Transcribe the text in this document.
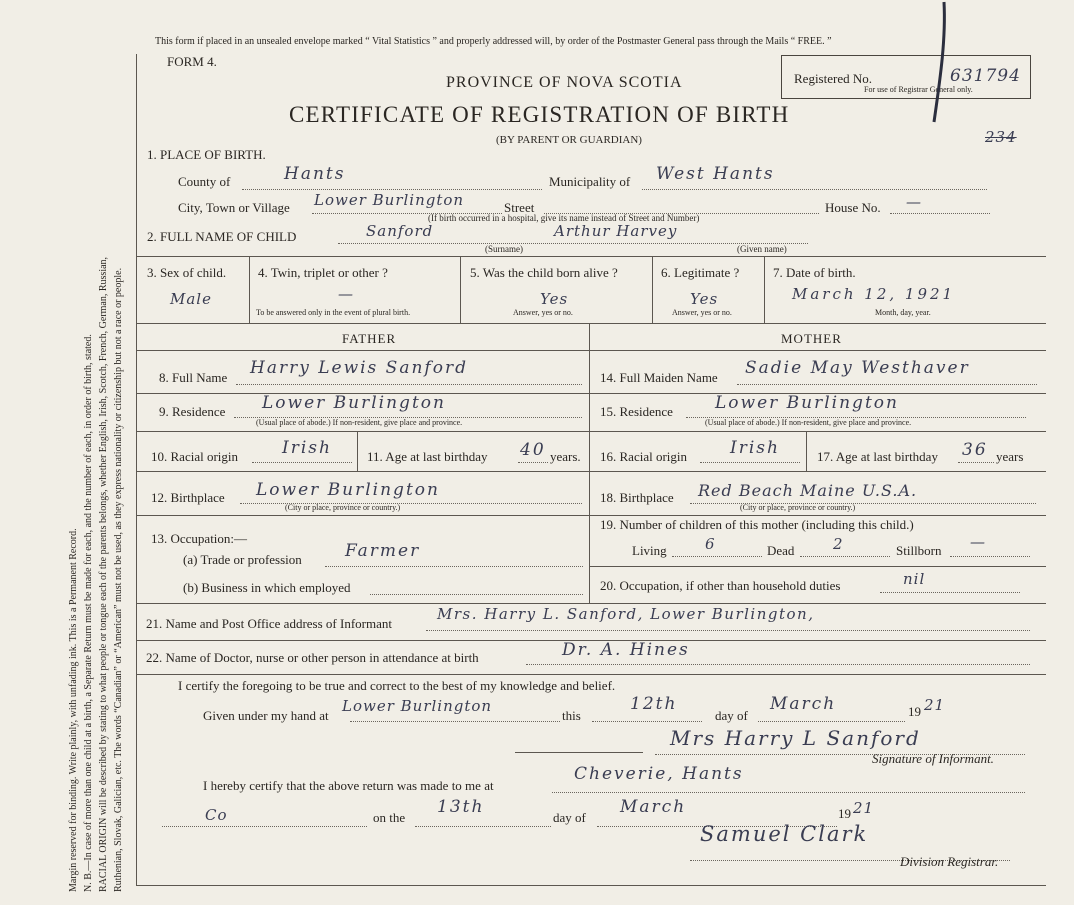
Margin reserved for binding. Write plainly, with unfading ink. This is a Permanent Record. N. B.—In case of more than one child at a birth, a Separate Return must be made for each, and the number of each, in order of birth, stated. RACIAL ORIGIN will be described by stating to what people or tongue each of the parents belongs, whether English, Irish, Scotch, French, German, Russian, Ruthenian, Slovak, Galician, etc. The words “Canadian” or “American” must not be used, as they express nationality or citizenship but not a race or people.
This form if placed in an unsealed envelope marked “ Vital Statistics ” and properly addressed will, by order of the Postmaster General pass through the Mails “ FREE. ”
FORM 4.
PROVINCE OF NOVA SCOTIA
CERTIFICATE OF REGISTRATION OF BIRTH
(BY PARENT OR GUARDIAN)
Registered No.	631794
For use of Registrar General only.
234
1. PLACE OF BIRTH.
County of	Hants	Municipality of West Hants
City, Town or Village Lower Burlington	Street	House No. —
(If birth occurred in a hospital, give its name instead of Street and Number)
2. FULL NAME OF CHILD	Sanford	Arthur Harvey
(Surname)	(Given name)
3. Sex of child.
Male
4. Twin, triplet or other ?
—
To be answered only in the event of plural birth.
5. Was the child born alive ?
Yes
Answer, yes or no.
6. Legitimate ?
Yes
Answer, yes or no.
7. Date of birth.
March 12, 1921
Month, day, year.
FATHER	MOTHER
8. Full Name Harry Lewis Sanford
9. Residence Lower Burlington
(Usual place of abode.) If non-resident, give place and province.
10. Racial origin	Irish	11. Age at last birthday 40 years.
12. Birthplace Lower Burlington
(City or place, province or country.)
13. Occupation:—
(a) Trade or profession	Farmer
(b) Business in which employed
14. Full Maiden Name Sadie May Westhaver
15. Residence Lower Burlington
(Usual place of abode.) If non-resident, give place and province.
16. Racial origin	Irish	17. Age at last birthday 36 years
18. Birthplace Red Beach Maine U.S.A.
(City or place, province or country.)
19. Number of children of this mother (including this child.)
Living	6	Dead	2	Stillborn —
20. Occupation, if other than household duties	nil
21. Name and Post Office address of Informant
Mrs. Harry L. Sanford, Lower Burlington,
22. Name of Doctor, nurse or other person in attendance at birth	Dr. A. Hines
I certify the foregoing to be true and correct to the best of my knowledge and belief.
Given under my hand at
Lower Burlington
this
12th
day of
March	19 21
Mrs Harry L Sanford
Signature of Informant.
I hereby certify that the above return was made to me at
Cheverie, Hants
Co	on the
13th
day of
March	19 21
Samuel Clark
Division Registrar.
